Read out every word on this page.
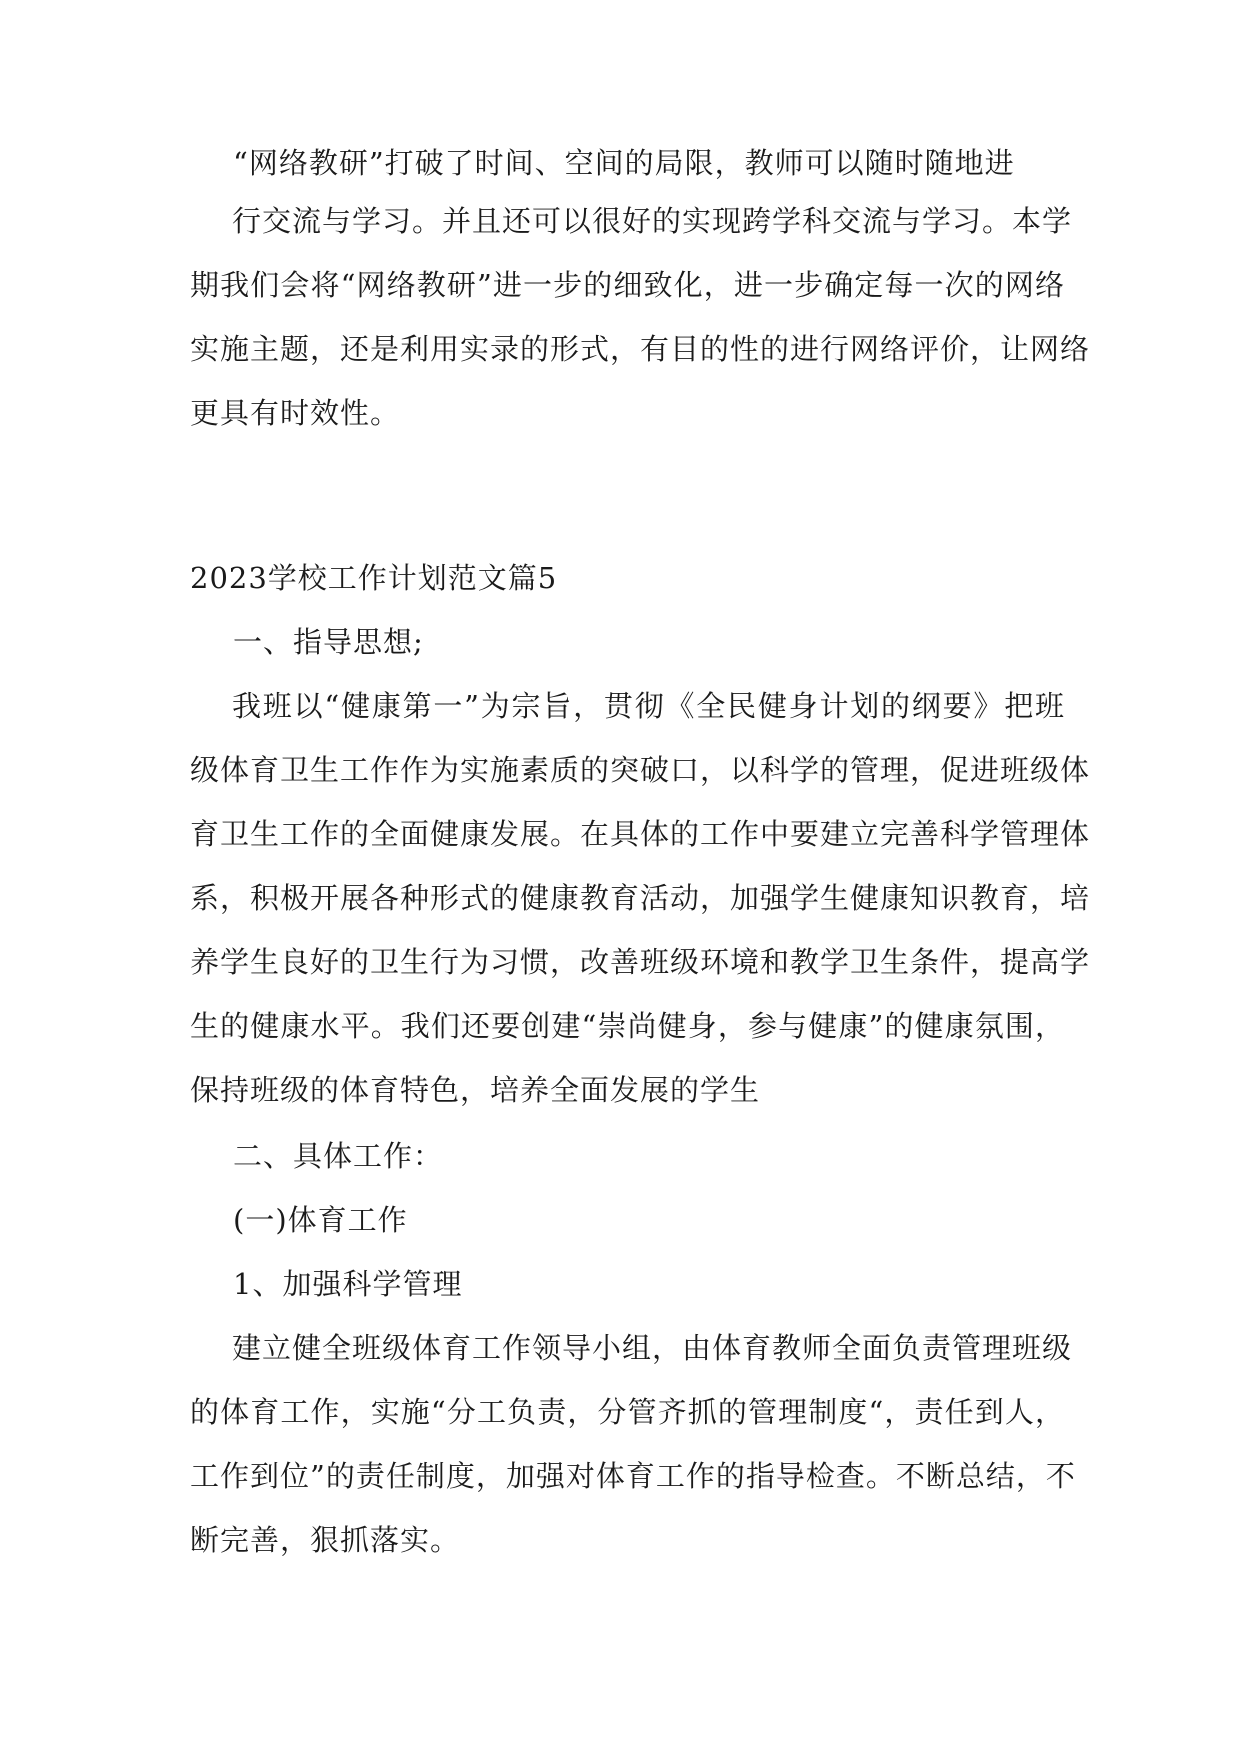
“网络教研”打破了时间、空间的局限，教师可以随时随地进
行交流与学习。并且还可以很好的实现跨学科交流与学习。本学
期我们会将“网络教研”进一步的细致化，进一步确定每一次的网络
实施主题，还是利用实录的形式，有目的性的进行网络评价，让网络
更具有时效性。
2023学校工作计划范文篇5
一、指导思想;
我班以“健康第一”为宗旨，贯彻《全民健身计划的纲要》把班
级体育卫生工作作为实施素质的突破口，以科学的管理，促进班级体
育卫生工作的全面健康发展。在具体的工作中要建立完善科学管理体
系，积极开展各种形式的健康教育活动，加强学生健康知识教育，培
养学生良好的卫生行为习惯，改善班级环境和教学卫生条件，提高学
生的健康水平。我们还要创建“崇尚健身，参与健康”的健康氛围，
保持班级的体育特色，培养全面发展的学生
二、具体工作：
(一)体育工作
1、加强科学管理
建立健全班级体育工作领导小组，由体育教师全面负责管理班级
的体育工作，实施“分工负责，分管齐抓的管理制度“，责任到人，
工作到位”的责任制度，加强对体育工作的指导检查。不断总结，不
断完善，狠抓落实。
